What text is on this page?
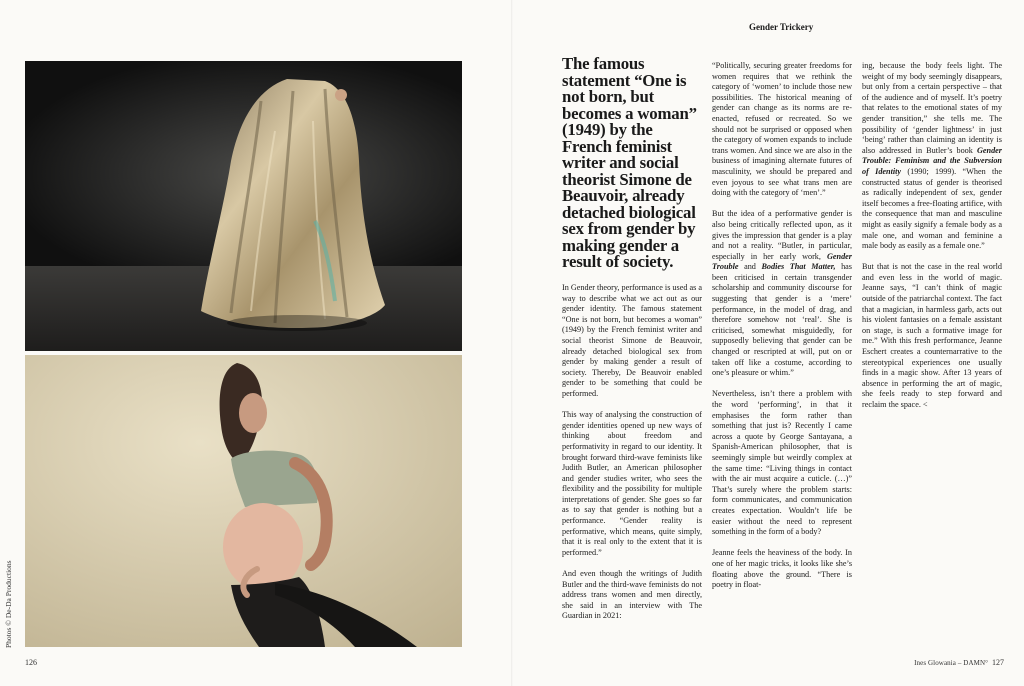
Photos © De-Da Productions
126	Ines Glowania – DAMN° 127
Gender Trickery
The famous statement “One is not born, but becomes a woman” (1949) by the French feminist writer and social theorist Simone de Beauvoir, already detached biological sex from gender by making gender a result of society.

In Gender theory, performance is used as a way to describe what we act out as our gender identity. The famous statement “One is not born, but becomes a woman” (1949) by the French feminist writer and social theorist Simone de Beauvoir, already detached biological sex from gender by making gender a result of society. Thereby, De Beauvoir enabled gender to be something that could be performed.

This way of analysing the construction of gender identities opened up new ways of thinking about freedom and performativity in regard to our identity. It brought forward third-wave feminists like Judith Butler, an American philosopher and gender studies writer, who sees the flexibility and the possibility for multiple interpretations of gender. She goes so far as to say that gender is nothing but a performance. “Gender reality is performative, which means, quite simply, that it is real only to the extent that it is performed.”

And even though the writings of Judith Butler and the third-wave feminists do not address trans women and men directly, she said in an interview with The Guardian in 2021:

“Politically, securing greater freedoms for women requires that we rethink the category of ‘women’ to include those new possibilities. The historical meaning of gender can change as its norms are re-enacted, refused or recreated. So we should not be surprised or opposed when the category of women expands to include trans women. And since we are also in the business of imagining alternate futures of masculinity, we should be prepared and even joyous to see what trans men are doing with the category of ‘men’.”

But the idea of a performative gender is also being critically reflected upon, as it gives the impression that gender is a play and not a reality. “Butler, in particular, especially in her early work, Gender Trouble and Bodies That Matter, has been criticised in certain transgender scholarship and community discourse for suggesting that gender is a ‘mere’ performance, in the model of drag, and therefore somehow not ‘real’. She is criticised, somewhat misguidedly, for supposedly believing that gender can be changed or rescripted at will, put on or taken off like a costume, according to one’s pleasure or whim.”

Nevertheless, isn’t there a problem with the word ‘performing’, in that it emphasises the form rather than something that just is? Recently I came across a quote by George Santayana, a Spanish-American philosopher, that is seemingly simple but weirdly complex at the same time: “Living things in contact with the air must acquire a cuticle. (…)” That’s surely where the problem starts: form communicates, and communication creates expectation. Wouldn’t life be easier without the need to represent something in the form of a body?

Jeanne feels the heaviness of the body. In one of her magic tricks, it looks like she’s floating above the ground. “There is poetry in float-

ing, because the body feels light. The weight of my body seemingly disappears, but only from a certain perspective – that of the audience and of myself. It’s poetry that relates to the emotional states of my gender transition,” she tells me. The possibility of ‘gender lightness’ in just ‘being’ rather than claiming an identity is also addressed in Butler’s book Gender Trouble: Feminism and the Subversion of Identity (1990; 1999). “When the constructed status of gender is theorised as radically independent of sex, gender itself becomes a free-floating artifice, with the consequence that man and masculine might as easily signify a female body as a male one, and woman and feminine a male body as easily as a female one.”

But that is not the case in the real world and even less in the world of magic. Jeanne says, “I can’t think of magic outside of the patriarchal context. The fact that a magician, in harmless garb, acts out his violent fantasies on a female assistant on stage, is such a formative image for me.” With this fresh performance, Jeanne Eschert creates a counternarrative to the stereotypical experiences one usually finds in a magic show. After 13 years of absence in performing the art of magic, she feels ready to step forward and reclaim the space. <
